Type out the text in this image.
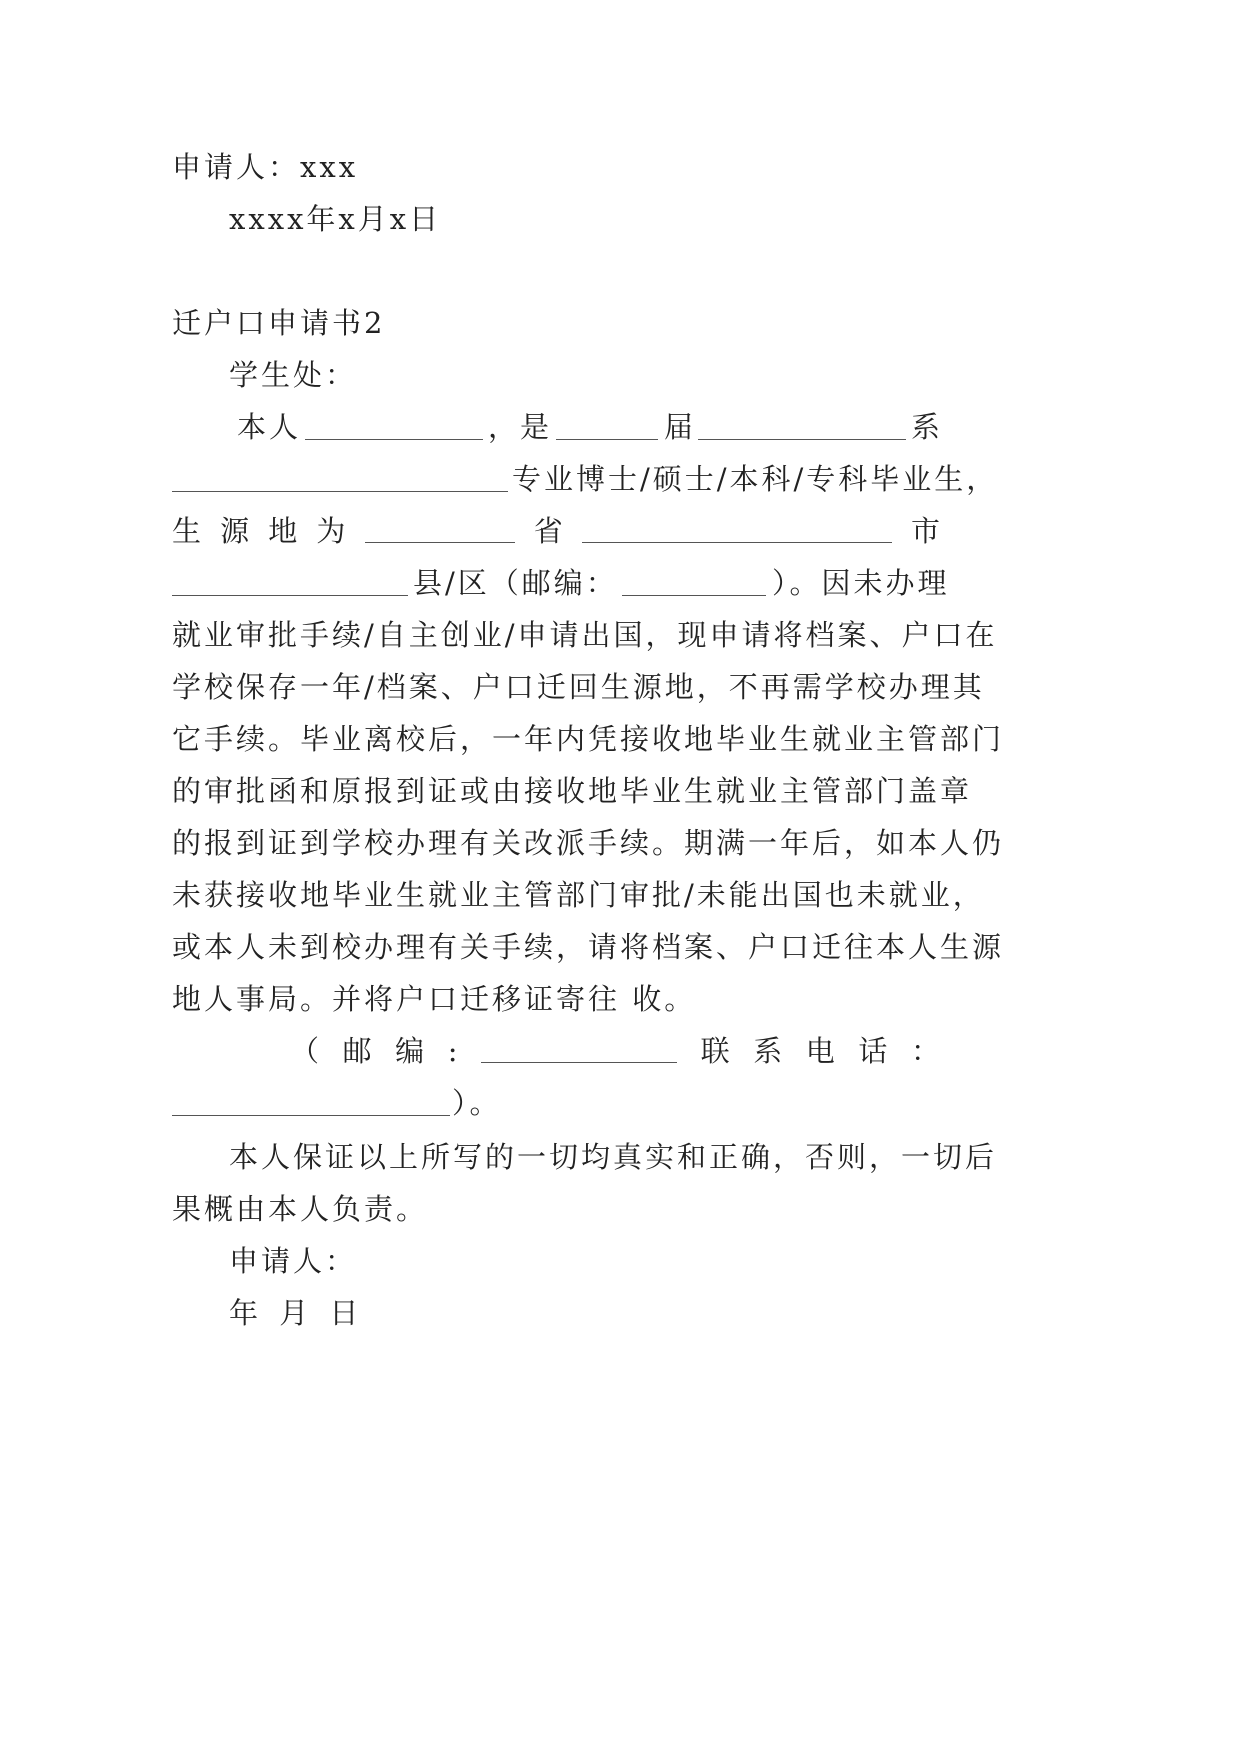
申请人：xxx
xxxx年x月x日
迁户口申请书2
学生处：
本人	，是	届	系
专业博士/硕士/本科/专科毕业生，
生 源 地 为	省	市
县/区（邮编：	）。因未办理
就业审批手续/自主创业/申请出国，现申请将档案、户口在
学校保存一年/档案、户口迁回生源地，不再需学校办理其
它手续。毕业离校后，一年内凭接收地毕业生就业主管部门
的审批函和原报到证或由接收地毕业生就业主管部门盖章
的报到证到学校办理有关改派手续。期满一年后，如本人仍
未获接收地毕业生就业主管部门审批/未能出国也未就业，
或本人未到校办理有关手续，请将档案、户口迁往本人生源
地人事局。并将户口迁移证寄往 收。
（ 邮 编 :	联 系 电 话 ：
）。
本人保证以上所写的一切均真实和正确，否则，一切后
果概由本人负责。
申请人：
年 月 日
